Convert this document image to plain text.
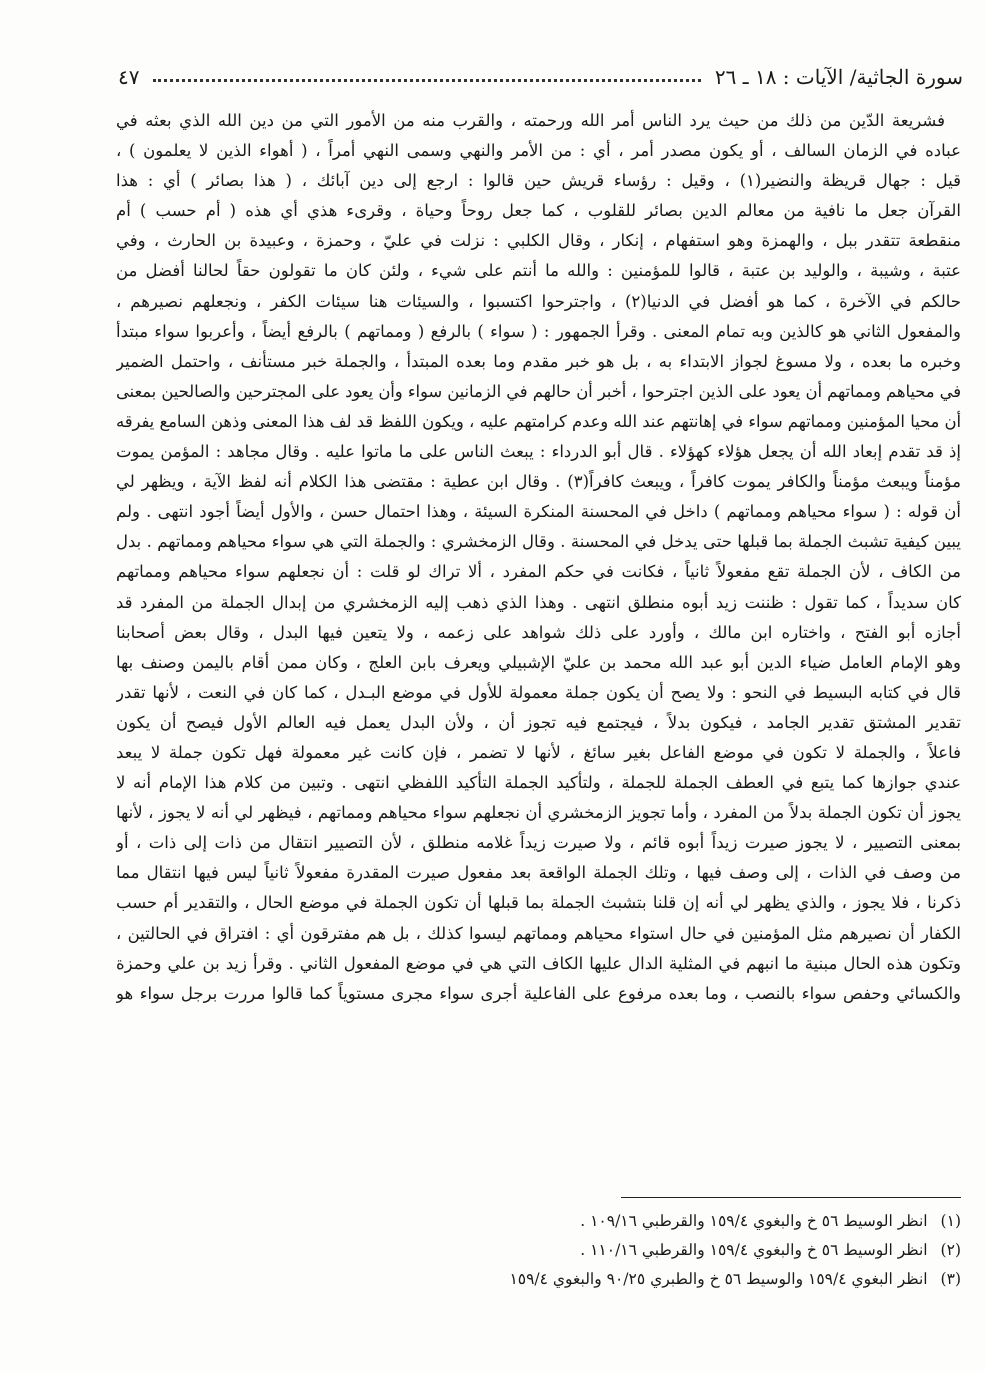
سورة الجاثية/ الآيات : ١٨ ـ ٢٦
٤٧
فشريعة الدّين من ذلك من حيث يرد الناس أمر الله ورحمته ، والقرب منه من الأمور التي من دين الله الذي بعثه في
عباده في الزمان السالف ، أو يكون مصدر أمر ، أي : من الأمر والنهي وسمى النهي أمراً ، ( أهواء الذين لا يعلمون ) ،
قيل : جهال قريظة والنضير(١) ، وقيل : رؤساء قريش حين قالوا : ارجع إلى دين آبائك ، ( هذا بصائر ) أي : هذا
القرآن جعل ما نافية من معالم الدين بصائر للقلوب ، كما جعل روحاً وحياة ، وقرىء هذي أي هذه ( أم حسب ) أم
منقطعة تتقدر ببل ، والهمزة وهو استفهام ، إنكار ، وقال الكلبي : نزلت في عليّ ، وحمزة ، وعبيدة بن الحارث ، وفي
عتبة ، وشيبة ، والوليد بن عتبة ، قالوا للمؤمنين : والله ما أنتم على شيء ، ولئن كان ما تقولون حقاً لحالنا أفضل من
حالكم في الآخرة ، كما هو أفضل في الدنيا(٢) ، واجترحوا اكتسبوا ، والسيئات هنا سيئات الكفر ، ونجعلهم نصيرهم ،
والمفعول الثاني هو كالذين وبه تمام المعنى . وقرأ الجمهور : ( سواء ) بالرفع ( ومماتهم ) بالرفع أيضاً ، وأعربوا سواء مبتدأ
وخبره ما بعده ، ولا مسوغ لجواز الابتداء به ، بل هو خبر مقدم وما بعده المبتدأ ، والجملة خبر مستأنف ، واحتمل الضمير
في محياهم ومماتهم أن يعود على الذين اجترحوا ، أخبر أن حالهم في الزمانين سواء وأن يعود على المجترحين والصالحين بمعنى
أن محيا المؤمنين ومماتهم سواء في إهانتهم عند الله وعدم كرامتهم عليه ، ويكون اللفظ قد لف هذا المعنى وذهن السامع يفرقه
إذ قد تقدم إبعاد الله أن يجعل هؤلاء كهؤلاء . قال أبو الدرداء : يبعث الناس على ما ماتوا عليه . وقال مجاهد : المؤمن يموت
مؤمناً ويبعث مؤمناً والكافر يموت كافراً ، ويبعث كافراً(٣) . وقال ابن عطية : مقتضى هذا الكلام أنه لفظ الآية ، ويظهر لي
أن قوله : ( سواء محياهم ومماتهم ) داخل في المحسنة المنكرة السيئة ، وهذا احتمال حسن ، والأول أيضاً أجود انتهى . ولم
يبين كيفية تشبث الجملة بما قبلها حتى يدخل في المحسنة . وقال الزمخشري : والجملة التي هي سواء محياهم ومماتهم . بدل
من الكاف ، لأن الجملة تقع مفعولاً ثانياً ، فكانت في حكم المفرد ، ألا تراك لو قلت : أن نجعلهم سواء محياهم ومماتهم
كان سديداً ، كما تقول : ظننت زيد أبوه منطلق انتهى . وهذا الذي ذهب إليه الزمخشري من إبدال الجملة من المفرد قد
أجازه أبو الفتح ، واختاره ابن مالك ، وأورد على ذلك شواهد على زعمه ، ولا يتعين فيها البدل ، وقال بعض أصحابنا
وهو الإمام العامل ضياء الدين أبو عبد الله محمد بن عليّ الإشبيلي ويعرف بابن العلج ، وكان ممن أقام باليمن وصنف بها
قال في كتابه البسيط في النحو : ولا يصح أن يكون جملة معمولة للأول في موضع البـدل ، كما كان في النعت ، لأنها تقدر
تقدير المشتق تقدير الجامد ، فيكون بدلاً ، فيجتمع فيه تجوز أن ، ولأن البدل يعمل فيه العالم الأول فيصح أن يكون
فاعلاً ، والجملة لا تكون في موضع الفاعل بغير سائغ ، لأنها لا تضمر ، فإن كانت غير معمولة فهل تكون جملة لا يبعد
عندي جوازها كما يتبع في العطف الجملة للجملة ، ولتأكيد الجملة التأكيد اللفظي انتهى . وتبين من كلام هذا الإمام أنه لا
يجوز أن تكون الجملة بدلاً من المفرد ، وأما تجويز الزمخشري أن نجعلهم سواء محياهم ومماتهم ، فيظهر لي أنه لا يجوز ، لأنها
بمعنى التصيير ، لا يجوز صيرت زيداً أبوه قائم ، ولا صيرت زيداً غلامه منطلق ، لأن التصيير انتقال من ذات إلى ذات ، أو
من وصف في الذات ، إلى وصف فيها ، وتلك الجملة الواقعة بعد مفعول صيرت المقدرة مفعولاً ثانياً ليس فيها انتقال مما
ذكرنا ، فلا يجوز ، والذي يظهر لي أنه إن قلنا بتشبث الجملة بما قبلها أن تكون الجملة في موضع الحال ، والتقدير أم حسب
الكفار أن نصيرهم مثل المؤمنين في حال استواء محياهم ومماتهم ليسوا كذلك ، بل هم مفترقون أي : افتراق في الحالتين ،
وتكون هذه الحال مبنية ما انبهم في المثلية الدال عليها الكاف التي هي في موضع المفعول الثاني . وقرأ زيد بن علي وحمزة
والكسائي وحفص سواء بالنصب ، وما بعده مرفوع على الفاعلية أجرى سواء مجرى مستوياً كما قالوا مررت برجل سواء هو
(١) انظر الوسيط ٥٦ خ والبغوي ١٥٩/٤ والقرطبي ١٠٩/١٦ .
(٢) انظر الوسيط ٥٦ خ والبغوي ١٥٩/٤ والقرطبي ١١٠/١٦ .
(٣) انظر البغوي ١٥٩/٤ والوسيط ٥٦ خ والطبري ٩٠/٢٥ والبغوي ١٥٩/٤
